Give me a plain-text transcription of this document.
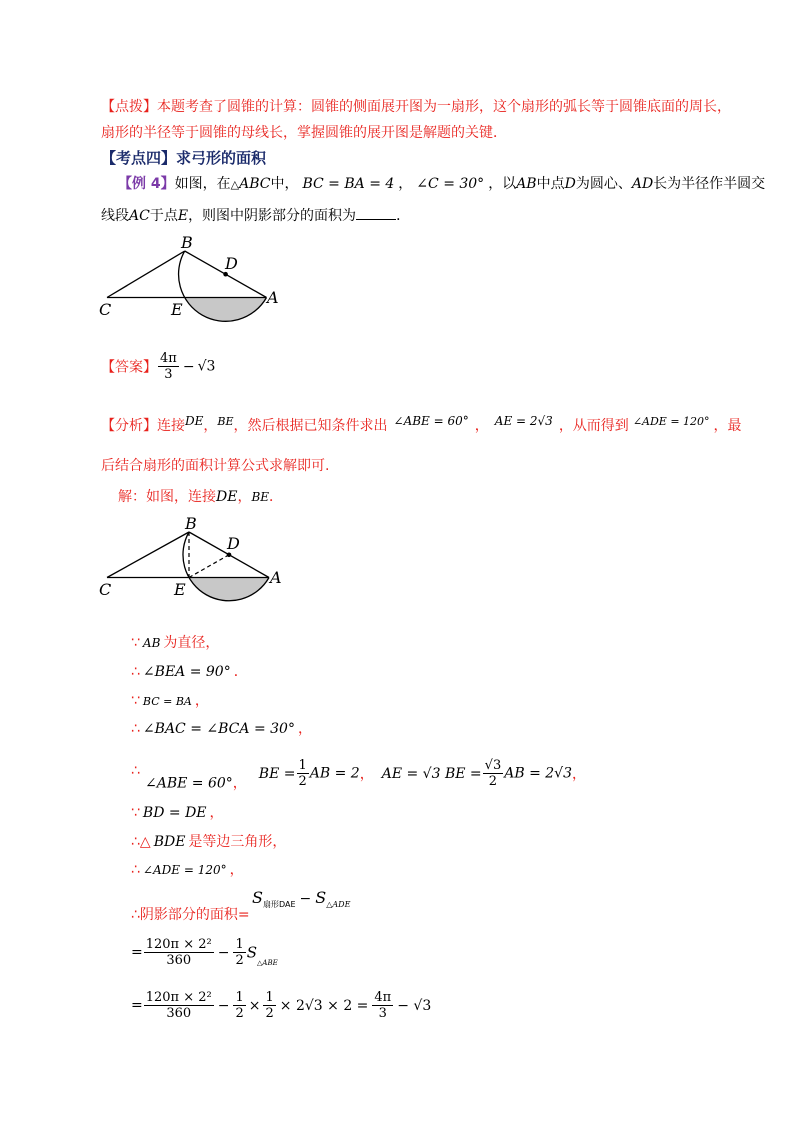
【点拨】本题考查了圆锥的计算：圆锥的侧面展开图为一扇形，这个扇形的弧长等于圆锥底面的周长，
扇形的半径等于圆锥的母线长，掌握圆锥的展开图是解题的关键．
【考点四】求弓形的面积
【例 4】如图，在△ABC中， BC = BA = 4 ， ∠C = 30° ，以AB中点D为圆心、AD长为半径作半圆交
线段AC于点E，则图中阴影部分的面积为	．
B
D
C	E
A
【答案】 $\frac{4\pi}{3} - √3$
【分析】连接DE，$^{BE}$，然后根据已知条件求出 ∠ABE = 60° ， AE = 2√3 ，从而得到 $^{\angle ADE = 120^\circ}$ ，最
后结合扇形的面积计算公式求解即可.
解：如图，连接DE，BE．
B
D
C	E
A
∵ AB 为直径，
∴ ∠BEA = 90° ．
∵ BC = BA ，
∴ ∠BAC = ∠BCA = 30° ，
∴
∠ABE = 60°，BE = $\frac{1}{2}$ AB = 2， AE = √3 BE = $\frac{√3}{2}$ AB = 2√3，
∵ BD = DE ，
∴△ BDE 是等边三角形，
∴ ∠ADE = 120° ，
∴阴影部分的面积=
$S_{扇形DAE} - S_{\triangle ADE}$
= $\frac{\text{120π × 2²}}{360} - \frac{1}{2} S_{\triangle ABE}$
= $\frac{\text{120π × 2²}}{360} - \frac{1}{2} \times \frac{1}{2} \times 2√3 \times 2 = \frac{4\pi}{3} - √3$
